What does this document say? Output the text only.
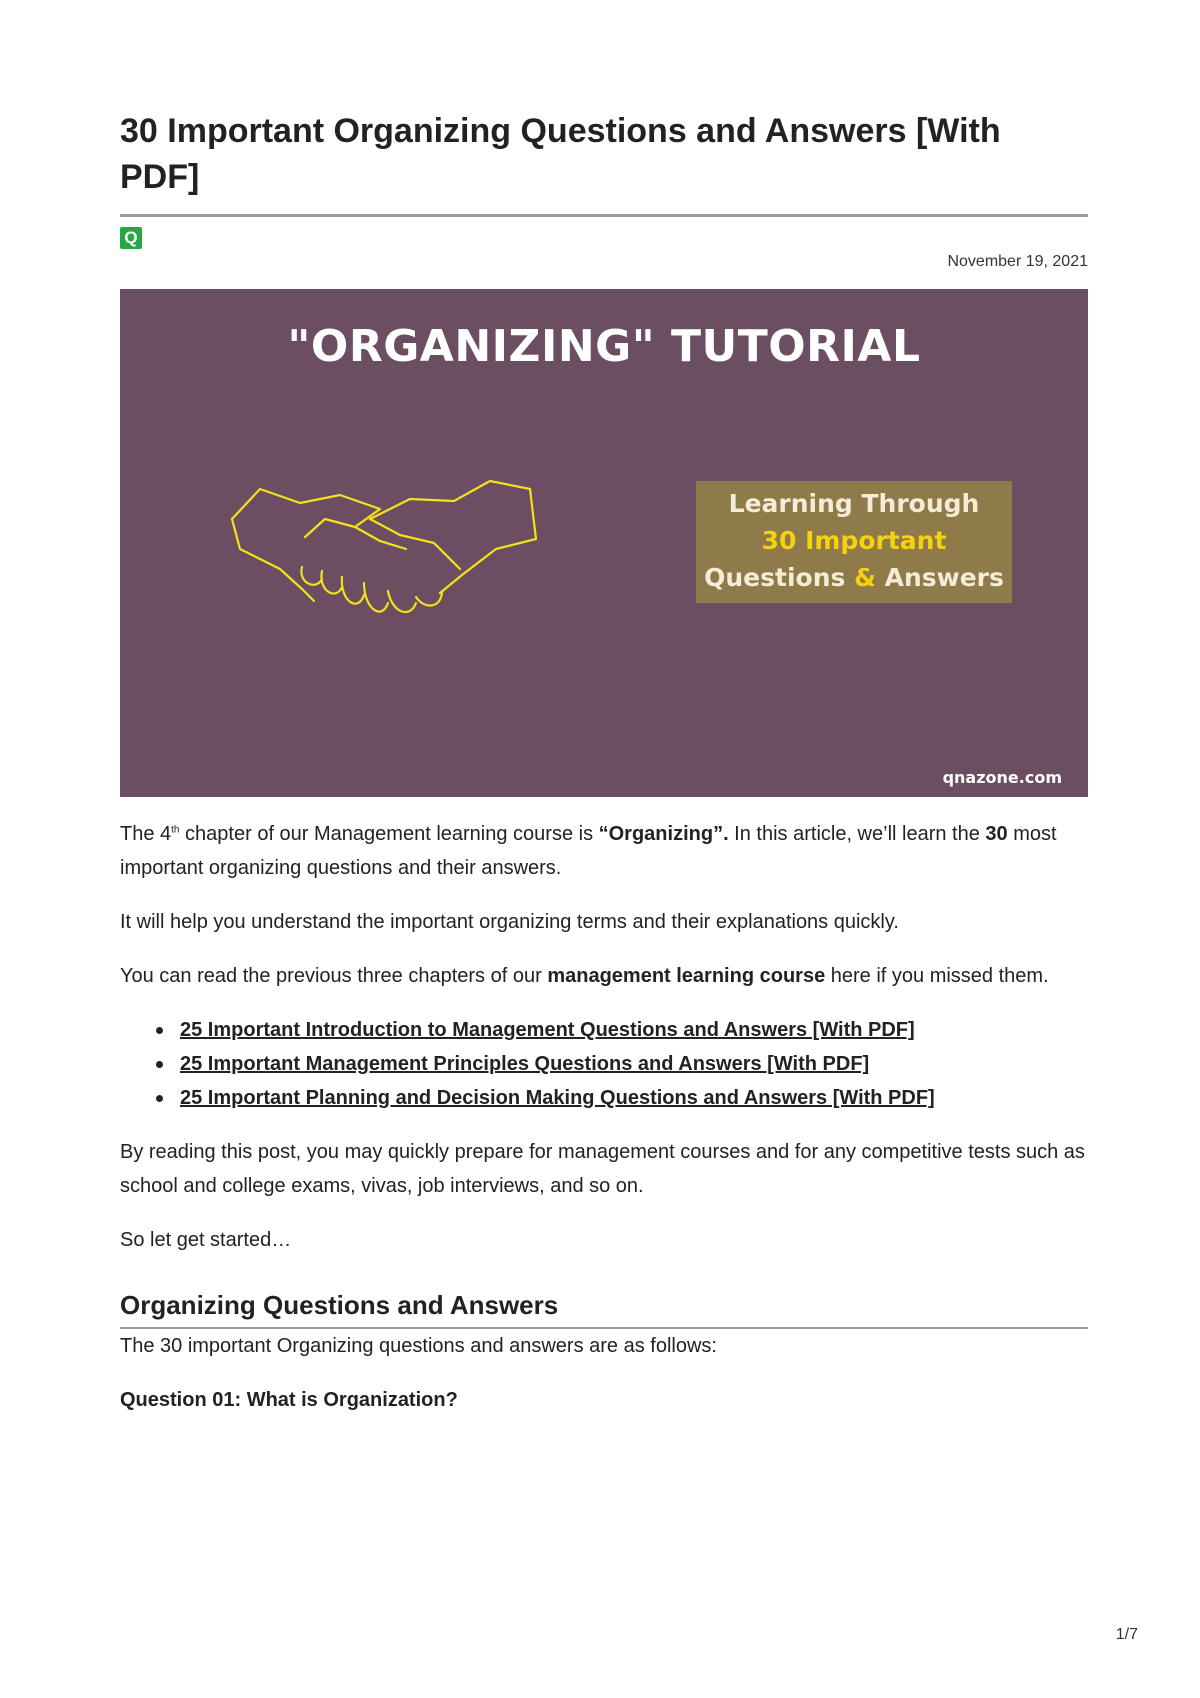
30 Important Organizing Questions and Answers [With PDF]
Q
November 19, 2021
"ORGANIZING" TUTORIAL
Learning Through
30 Important
Questions & Answers
qnazone.com

The 4th chapter of our Management learning course is “Organizing”. In this article, we’ll learn the 30 most important organizing questions and their answers.

It will help you understand the important organizing terms and their explanations quickly.

You can read the previous three chapters of our management learning course here if you missed them.

25 Important Introduction to Management Questions and Answers [With PDF]
25 Important Management Principles Questions and Answers [With PDF]
25 Important Planning and Decision Making Questions and Answers [With PDF]

By reading this post, you may quickly prepare for management courses and for any competitive tests such as school and college exams, vivas, job interviews, and so on.

So let get started…

Organizing Questions and Answers

The 30 important Organizing questions and answers are as follows:

Question 01: What is Organization?

1/7
